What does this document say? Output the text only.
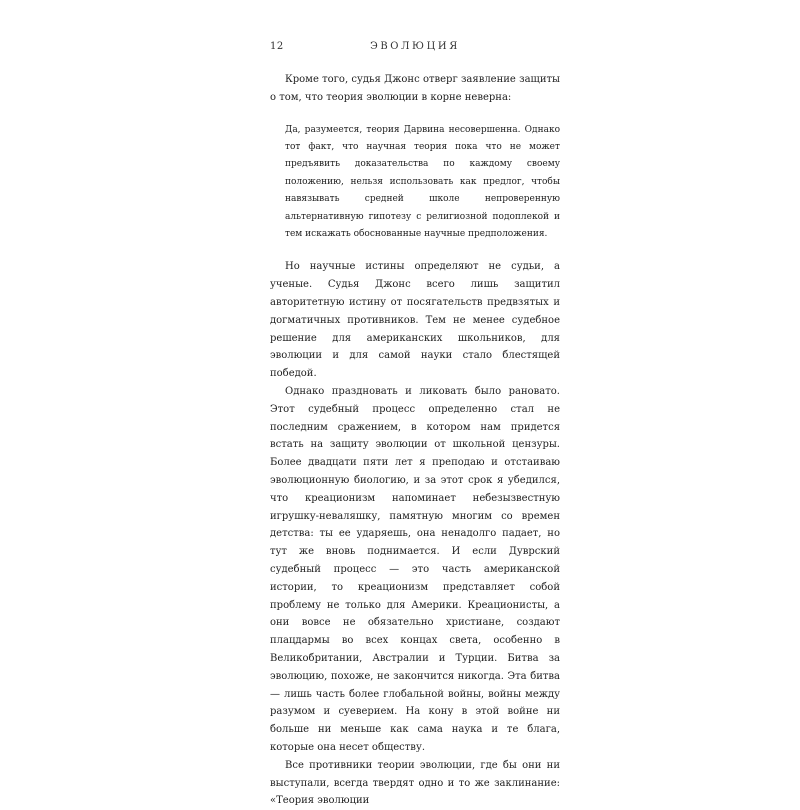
12	ЭВОЛЮЦИЯ

Кроме того, судья Джонс отверг заявление защиты о том, что теория эволюции в корне неверна:

Да, разумеется, теория Дарвина несовершенна. Однако тот факт, что научная теория пока что не может предъявить доказательства по каждому своему положению, нельзя использовать как предлог, чтобы навязывать средней школе непроверенную альтернативную гипотезу с религиозной подоплекой и тем искажать обоснованные научные предположения.

Но научные истины определяют не судьи, а ученые. Судья Джонс всего лишь защитил авторитетную истину от посягательств предвзятых и догматичных противников. Тем не менее судебное решение для американских школьников, для эволюции и для самой науки стало блестящей победой.

Однако праздновать и ликовать было рановато. Этот судебный процесс определенно стал не последним сражением, в котором нам придется встать на защиту эволюции от школьной цензуры. Более двадцати пяти лет я преподаю и отстаиваю эволюционную биологию, и за этот срок я убедился, что креационизм напоминает небезызвестную игрушку-неваляшку, памятную многим со времен детства: ты ее ударяешь, она ненадолго падает, но тут же вновь поднимается. И если Дуврский судебный процесс — это часть американской истории, то креационизм представляет собой проблему не только для Америки. Креационисты, а они вовсе не обязательно христиане, создают плацдармы во всех концах света, особенно в Великобритании, Австралии и Турции. Битва за эволюцию, похоже, не закончится никогда. Эта битва — лишь часть более глобальной войны, войны между разумом и суеверием. На кону в этой войне ни больше ни меньше как сама наука и те блага, которые она несет обществу.

Все противники теории эволюции, где бы они ни выступали, всегда твердят одно и то же заклинание: «Теория эволюции
